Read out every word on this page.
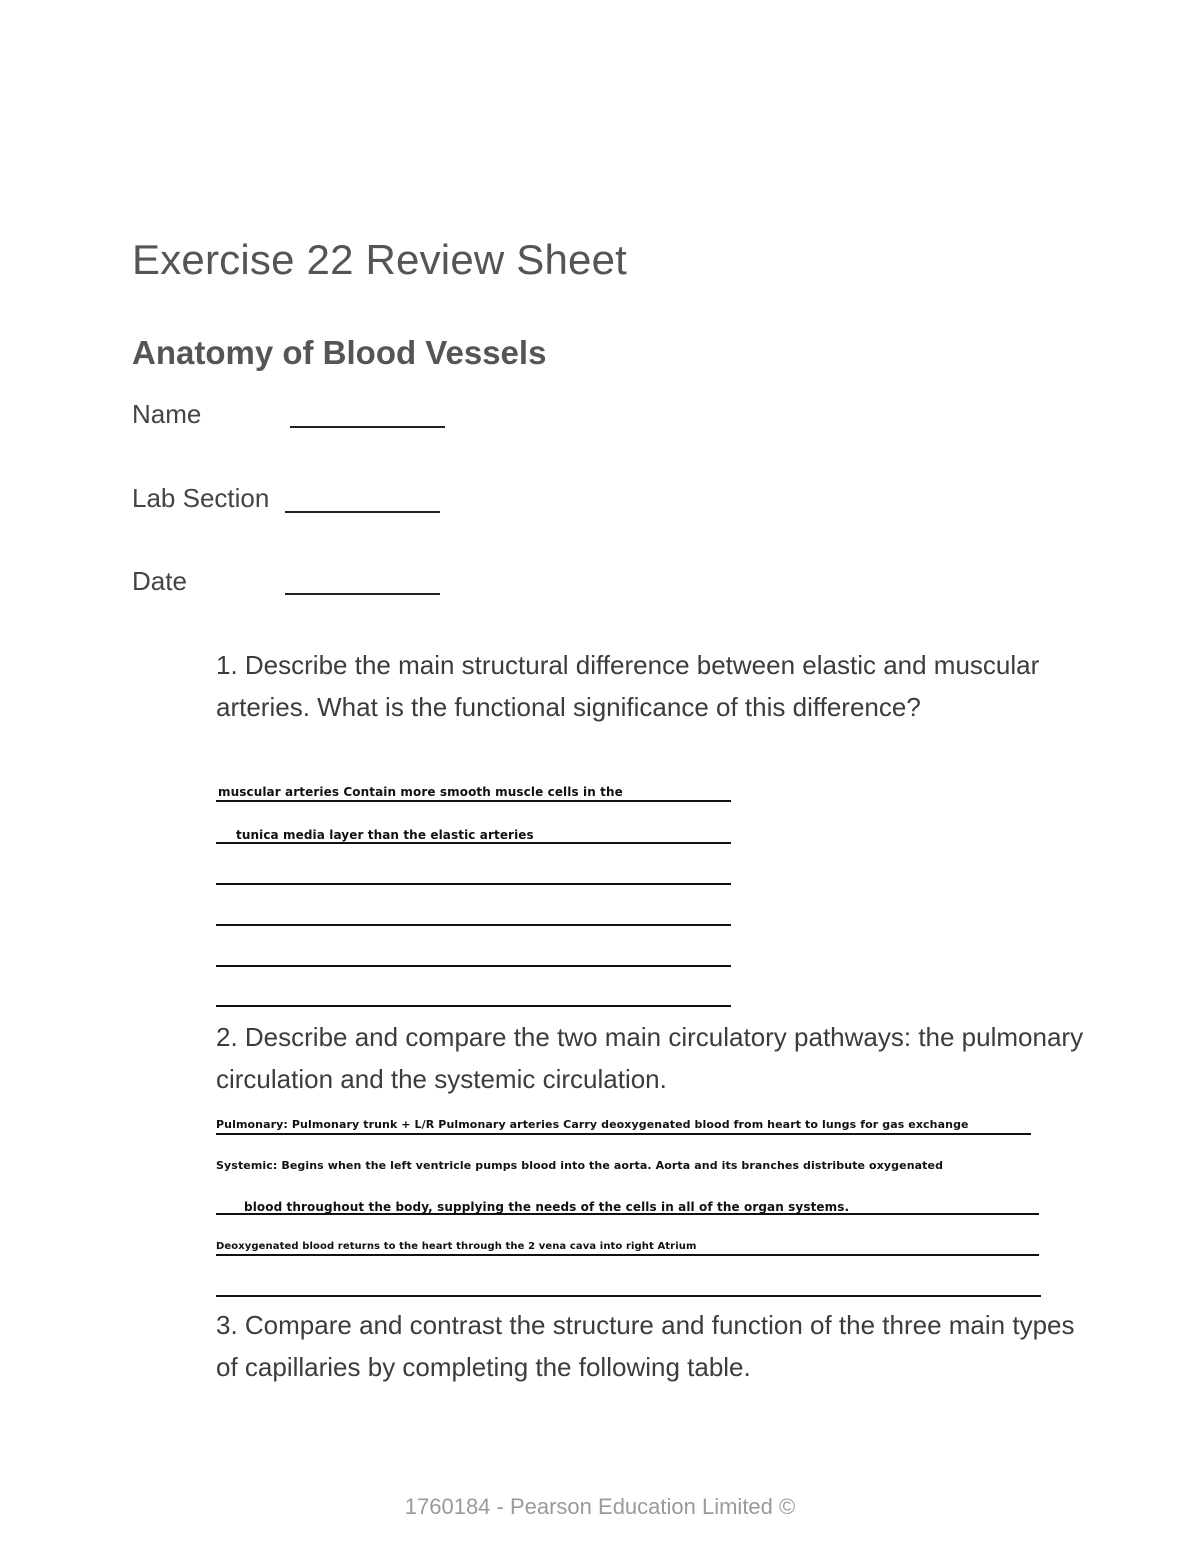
Exercise 22 Review Sheet
Anatomy of Blood Vessels
Name
Lab Section
Date
1. Describe the main structural difference between elastic and muscular arteries. What is the functional significance of this difference?
muscular arteries Contain more smooth muscle cells in the
tunica media layer than the elastic arteries
2. Describe and compare the two main circulatory pathways: the pulmonary circulation and the systemic circulation.
Pulmonary: Pulmonary trunk + L/R Pulmonary arteries Carry deoxygenated blood from heart to lungs for gas exchange
Systemic: Begins when the left ventricle pumps blood into the aorta. Aorta and its branches distribute oxygenated
blood throughout the body, supplying the needs of the cells in all of the organ systems.
Deoxygenated blood returns to the heart through the 2 vena cava into right Atrium
3. Compare and contrast the structure and function of the three main types of capillaries by completing the following table.
1760184 - Pearson Education Limited ©
